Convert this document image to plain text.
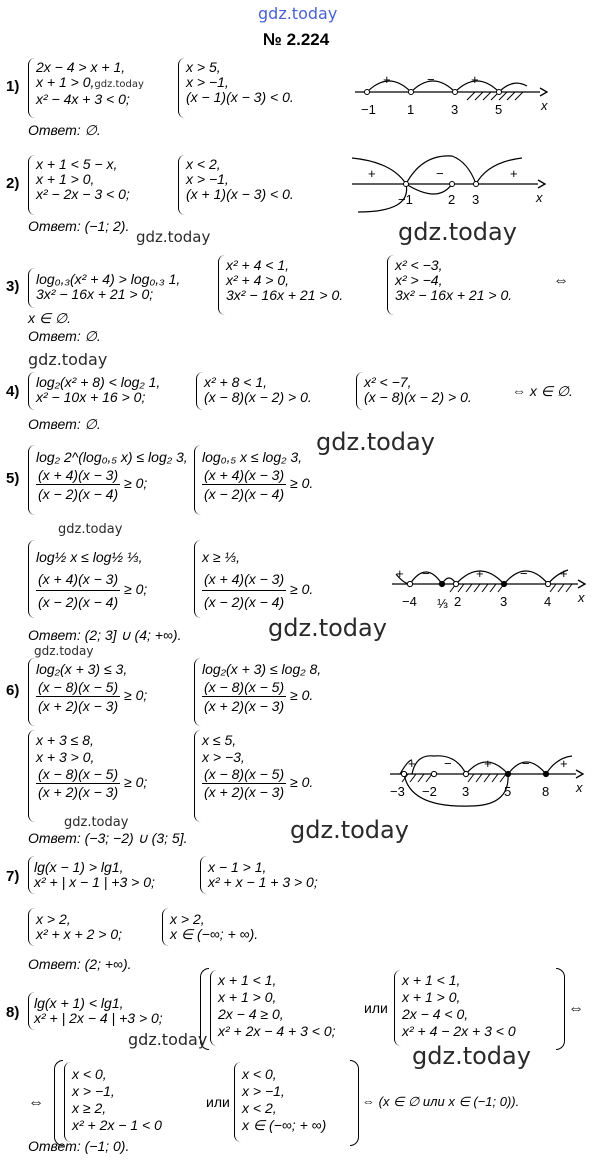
gdz.today
№ 2.224
1)
2x − 4 > x + 1,
x + 1 > 0,gdz.today
x² − 4x + 3 < 0;
x > 5,
x > −1,
(x − 1)(x − 3) < 0.
Ответ: ∅.
−1 1	3	5
+	−	+
x
2)
x + 1 < 5 − x,
x + 1 > 0,
x² − 2x − 3 < 0;
x < 2,
x > −1,
(x + 1)(x − 3) < 0.
Ответ: (−1; 2).
−1	2 3
+	−	+
x
gdz.today	gdz.today
3) log₀,₃(x² + 4) > log₀,₃ 1,
3x² − 16x + 21 > 0;
x² + 4 < 1,
x² + 4 > 0,
3x² − 16x + 21 > 0.
x² < −3,
x² > −4,
3x² − 16x + 21 > 0.
⇔
x ∈ ∅.
Ответ: ∅.
gdz.today
4)
log₂(x² + 8) < log₂ 1,
x² − 10x + 16 > 0;
x² + 8 < 1,
(x − 8)(x − 2) > 0.
x² < −7,
(x − 8)(x − 2) > 0.	⇔ x ∈ ∅.
Ответ: ∅.
gdz.today
5)
log₂ 2^(log₀,₅ x) ≤ log₂ 3,
$\frac{(x + 4)(x - 3)}{(x - 2)(x - 4)} \ge 0$;
log₀,₅ x ≤ log₂ 3,
$\frac{(x + 4)(x - 3)}{(x - 2)(x - 4)} \ge 0$.
gdz.today
log½ x ≤ log½ ⅓,
$\frac{(x + 4)(x - 3)}{(x - 2)(x - 4)} \ge 0$;
x ≥ ⅓,
$\frac{(x + 4)(x - 3)}{(x - 2)(x - 4)} \ge 0$.
−4 ⅓ 2	3	4
+ −	+	− +
x
Ответ: (2; 3] ∪ (4; +∞).	gdz.today
gdz.today
6)
log₂(x + 3) ≤ 3,
$\frac{(x - 8)(x - 5)}{(x + 2)(x - 3)} \ge 0$;
log₂(x + 3) ≤ log₂ 8,
$\frac{(x - 8)(x - 5)}{(x + 2)(x - 3)} \ge 0$.
x + 3 ≤ 8,
x + 3 > 0,
$\frac{(x - 8)(x - 5)}{(x + 2)(x - 3)} \ge 0$;
x ≤ 5,
x > −3,
$\frac{(x - 8)(x - 5)}{(x + 2)(x - 3)} \ge 0$.
−3 −2 3	5 8
+ − + − +
x
Ответ: (−3; −2) ∪ (3; 5].
gdz.today	gdz.today
7)
lg(x − 1) > lg1,
x² + | x − 1 | +3 > 0;
x − 1 > 1,
x² + x − 1 + 3 > 0;
x > 2,
x² + x + 2 > 0;
x > 2,
x ∈ (−∞; + ∞).
Ответ: (2; +∞).
8)
lg(x + 1) < lg1,
x² + | 2x − 4 | +3 > 0;
x + 1 < 1,
x + 1 > 0,
2x − 4 ≥ 0,
x² + 2x − 4 + 3 < 0;
или
x + 1 < 1,
x + 1 > 0,
2x − 4 < 0,
x² + 4 − 2x + 3 < 0
⇔
gdz.today
gdz.today
⇔
x < 0,
x > −1,
x ≥ 2,
x² + 2x − 1 < 0
или
x < 0,
x > −1,
x < 2,
x ∈ (−∞; + ∞)
⇔ (x ∈ ∅ или x ∈ (−1; 0)).
Ответ: (−1; 0).
